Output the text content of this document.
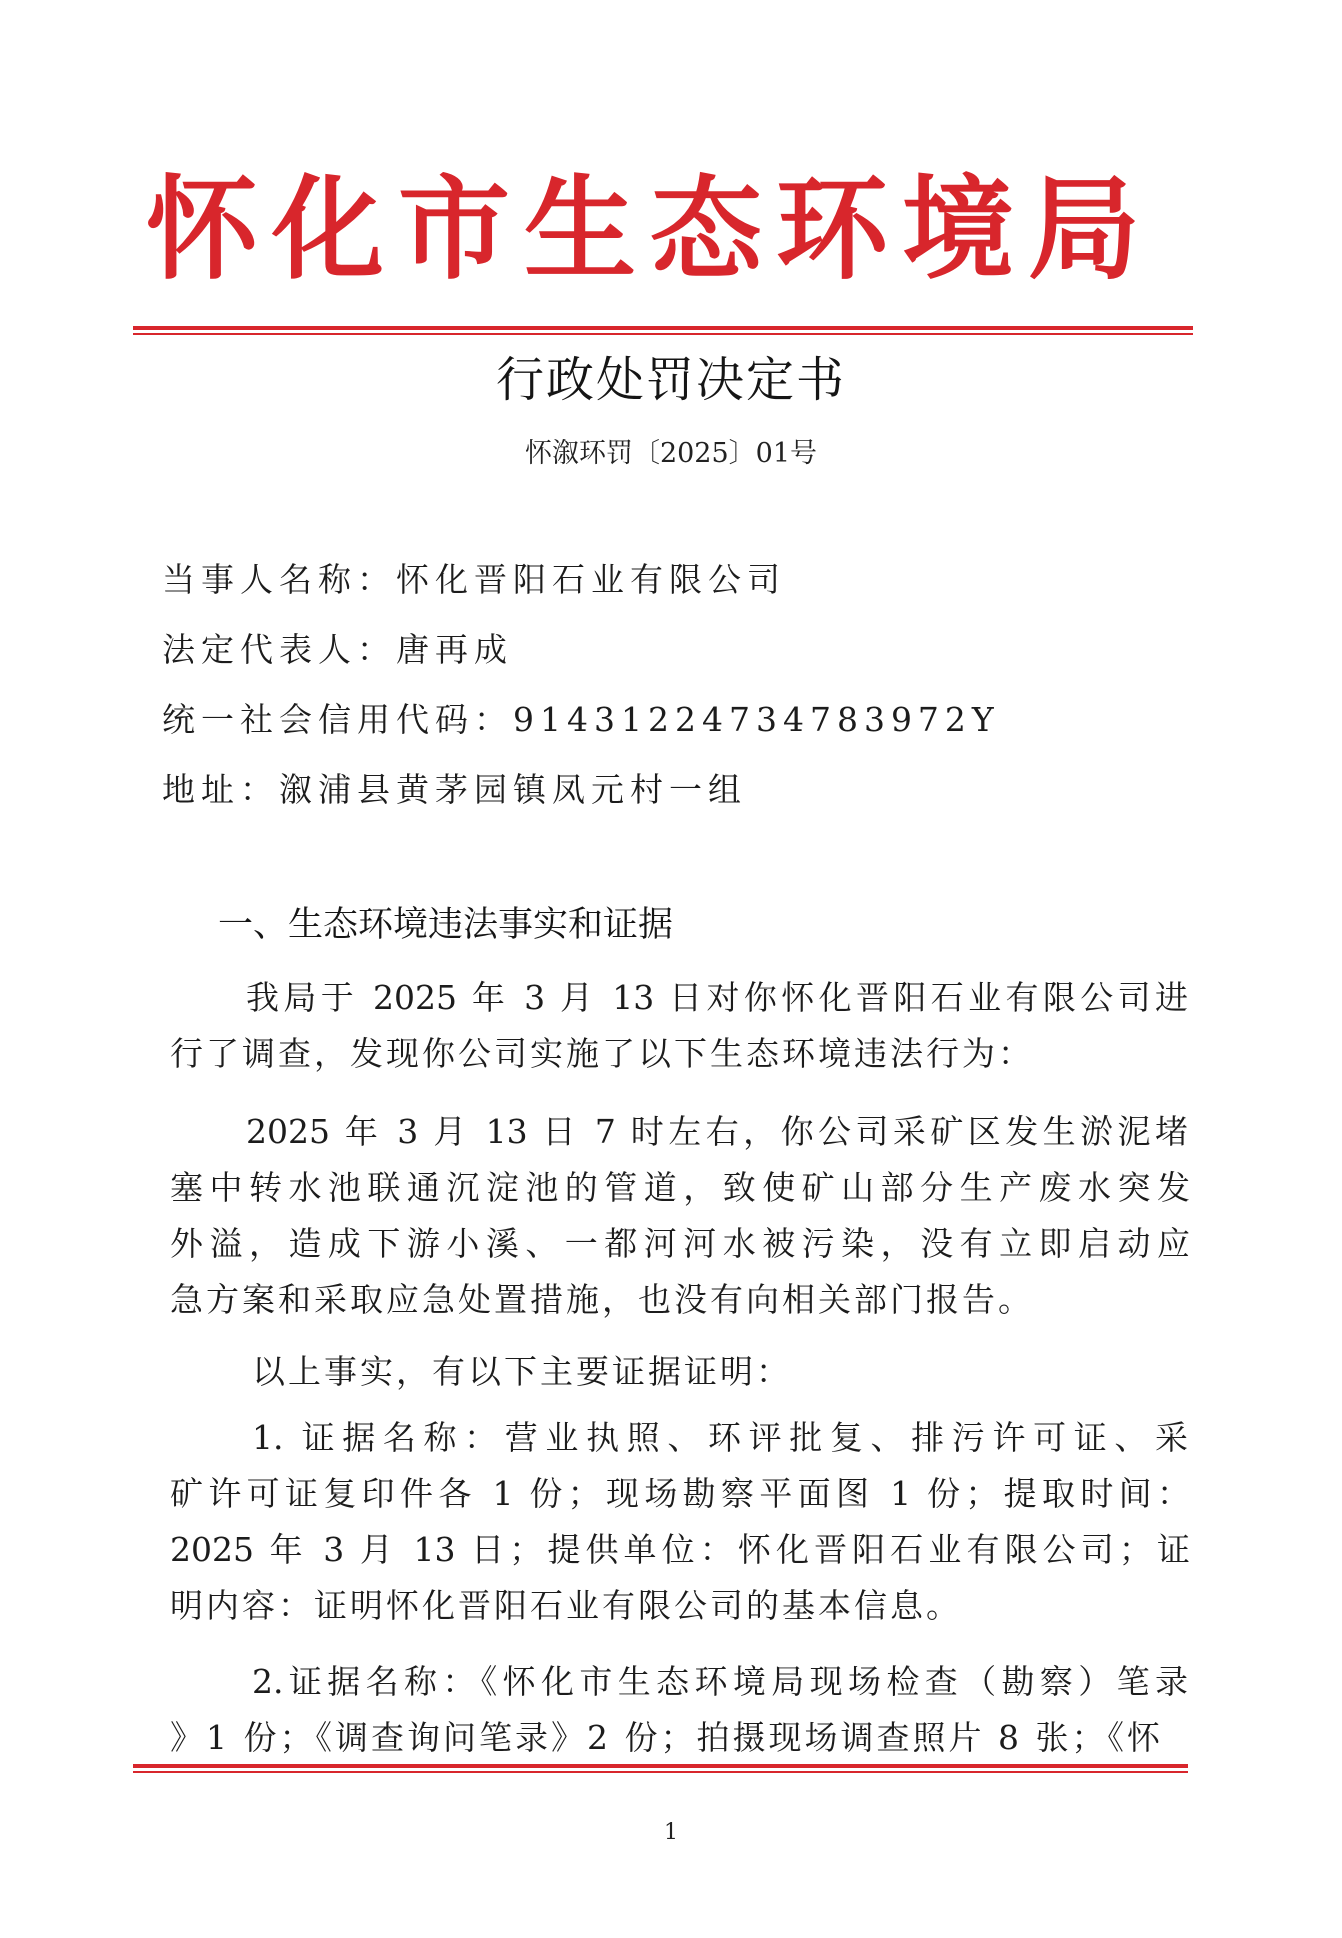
怀化市生态环境局
行政处罚决定书
怀溆环罚〔2025〕01号
当事人名称：怀化晋阳石业有限公司
法定代表人：唐再成
统一社会信用代码：91431224734783972Y
地址：溆浦县黄茅园镇凤元村一组
一、生态环境违法事实和证据
我局于 2025 年 3 月 13 日对你怀化晋阳石业有限公司进
行了调查，发现你公司实施了以下生态环境违法行为：
2025 年 3 月 13 日 7 时左右，你公司采矿区发生淤泥堵
塞中转水池联通沉淀池的管道，致使矿山部分生产废水突发
外溢，造成下游小溪、一都河河水被污染，没有立即启动应
急方案和采取应急处置措施，也没有向相关部门报告。
以上事实，有以下主要证据证明：
1. 证据名称：营业执照、环评批复、排污许可证、采
矿许可证复印件各 1 份；现场勘察平面图 1 份；提取时间：
2025 年 3 月 13 日；提供单位：怀化晋阳石业有限公司；证
明内容：证明怀化晋阳石业有限公司的基本信息。
2.证据名称：《怀化市生态环境局现场检查（勘察）笔录
》1 份；《调查询问笔录》2 份；拍摄现场调查照片 8 张；《怀
1
